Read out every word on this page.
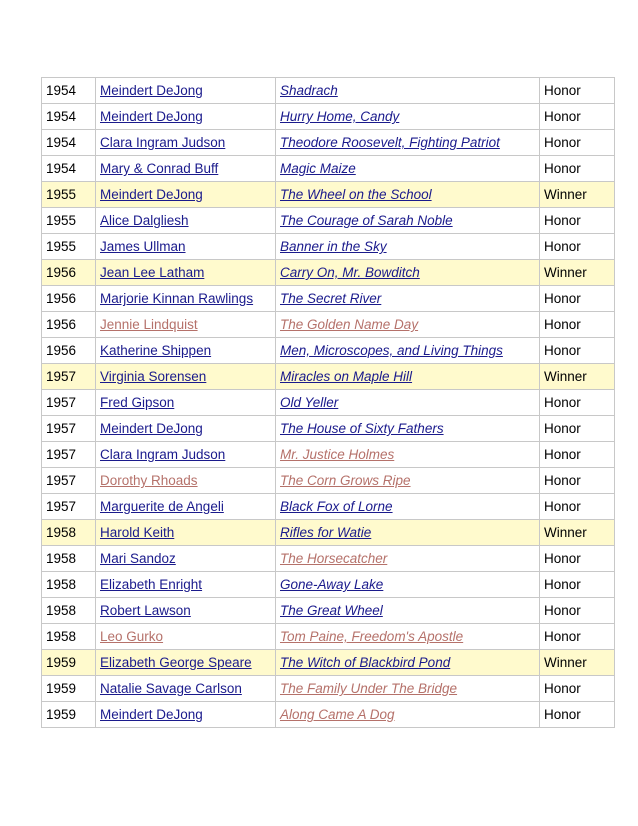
1954	Meindert DeJong	Shadrach	Honor
1954	Meindert DeJong	Hurry Home, Candy	Honor
1954	Clara Ingram Judson	Theodore Roosevelt, Fighting Patriot	Honor
1954	Mary & Conrad Buff	Magic Maize	Honor
1955	Meindert DeJong	The Wheel on the School	Winner
1955	Alice Dalgliesh	The Courage of Sarah Noble	Honor
1955	James Ullman	Banner in the Sky	Honor
1956	Jean Lee Latham	Carry On, Mr. Bowditch	Winner
1956	Marjorie Kinnan Rawlings	The Secret River	Honor
1956	Jennie Lindquist	The Golden Name Day	Honor
1956	Katherine Shippen	Men, Microscopes, and Living Things	Honor
1957	Virginia Sorensen	Miracles on Maple Hill	Winner
1957	Fred Gipson	Old Yeller	Honor
1957	Meindert DeJong	The House of Sixty Fathers	Honor
1957	Clara Ingram Judson	Mr. Justice Holmes	Honor
1957	Dorothy Rhoads	The Corn Grows Ripe	Honor
1957	Marguerite de Angeli	Black Fox of Lorne	Honor
1958	Harold Keith	Rifles for Watie	Winner
1958	Mari Sandoz	The Horsecatcher	Honor
1958	Elizabeth Enright	Gone-Away Lake	Honor
1958	Robert Lawson	The Great Wheel	Honor
1958	Leo Gurko	Tom Paine, Freedom's Apostle	Honor
1959	Elizabeth George Speare	The Witch of Blackbird Pond	Winner
1959	Natalie Savage Carlson	The Family Under The Bridge	Honor
1959	Meindert DeJong	Along Came A Dog	Honor
